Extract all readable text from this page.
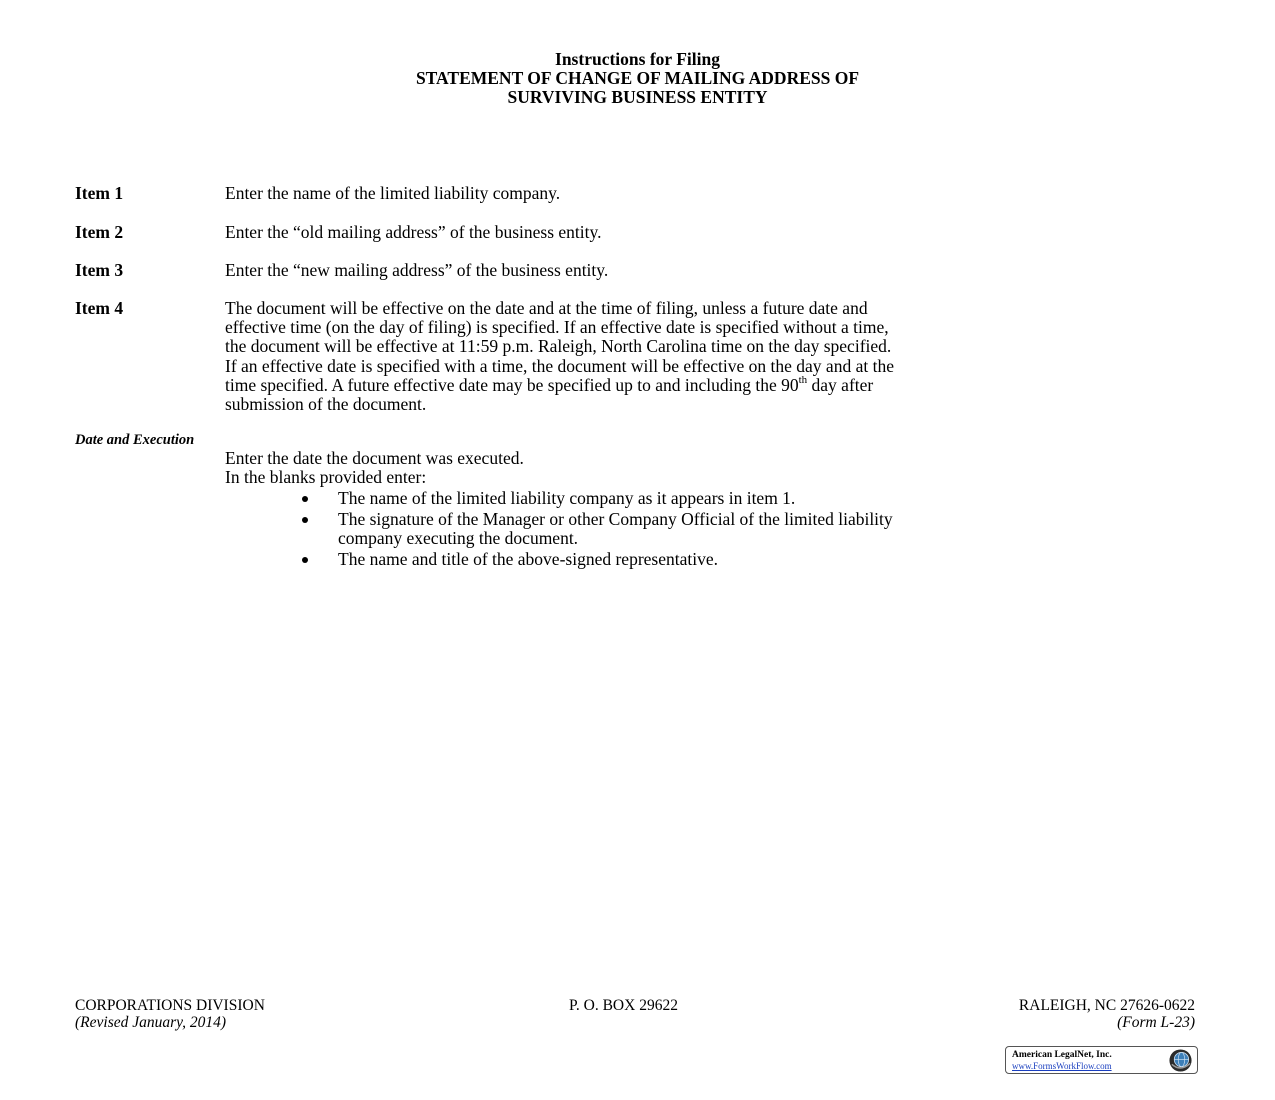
Instructions for Filing
STATEMENT OF CHANGE OF MAILING ADDRESS OF
SURVIVING BUSINESS ENTITY
Item 1	Enter the name of the limited liability company.
Item 2	Enter the “old mailing address” of the business entity.
Item 3	Enter the “new mailing address” of the business entity.
Item 4	The document will be effective on the date and at the time of filing, unless a future date and
effective time (on the day of filing) is specified. If an effective date is specified without a time,
the document will be effective at 11:59 p.m. Raleigh, North Carolina time on the day specified.
If an effective date is specified with a time, the document will be effective on the day and at the
time specified. A future effective date may be specified up to and including the 90th day after
submission of the document.
Date and Execution
Enter the date the document was executed.
In the blanks provided enter:
The name of the limited liability company as it appears in item 1.
The signature of the Manager or other Company Official of the limited liability
company executing the document.
The name and title of the above-signed representative.
CORPORATIONS DIVISION	P. O. BOX 29622	RALEIGH, NC 27626-0622
(Revised January, 2014)	(Form L-23)
American LegalNet, Inc.
www.FormsWorkFlow.com
